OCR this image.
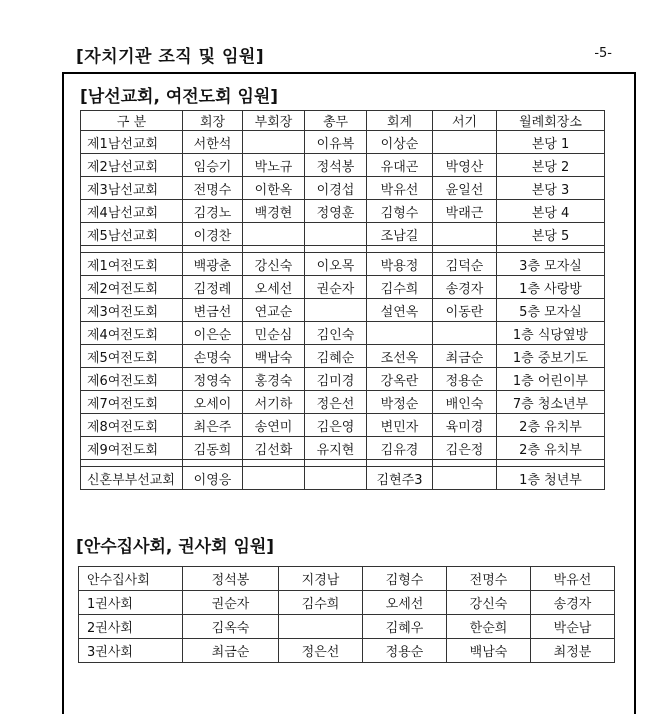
[자치기관 조직 및 임원]	-5-
[남선교회, 여전도회 임원]
구 분	회장	부회장	총무	회계	서기	월례회장소
제1남선교회	서한석		이유복	이상순		본당 1
제2남선교회	임승기	박노규	정석봉	유대곤	박영산	본당 2
제3남선교회	전명수	이한옥	이경섭	박유선	윤일선	본당 3
제4남선교회	김경노	백경현	정영훈	김형수	박래근	본당 4
제5남선교회	이경찬			조남길		본당 5

제1여전도회	백광춘	강신숙	이오목	박용정	김덕순	3층 모자실
제2여전도회	김정례	오세선	권순자	김수희	송경자	1층 사랑방
제3여전도회	변금선	연교순		설연옥	이동란	5층 모자실
제4여전도회	이은순	민순심	김인숙			1층 식당옆방
제5여전도회	손명숙	백남숙	김혜순	조선옥	최금순	1층 중보기도
제6여전도회	정영숙	홍경숙	김미경	강옥란	정용순	1층 어린이부
제7여전도회	오세이	서기하	정은선	박정순	배인숙	7층 청소년부
제8여전도회	최은주	송연미	김은영	변민자	육미경	2층 유치부
제9여전도회	김동희	김선화	유지현	김유경	김은정	2층 유치부

신혼부부선교회	이영응			김현주3		1층 청년부
[안수집사회, 권사회 임원]
안수집사회	정석봉	지경남	김형수	전명수	박유선
1권사회	권순자	김수희	오세선	강신숙	송경자
2권사회	김옥숙		김혜우	한순희	박순남
3권사회	최금순	정은선	정용순	백남숙	최정분
